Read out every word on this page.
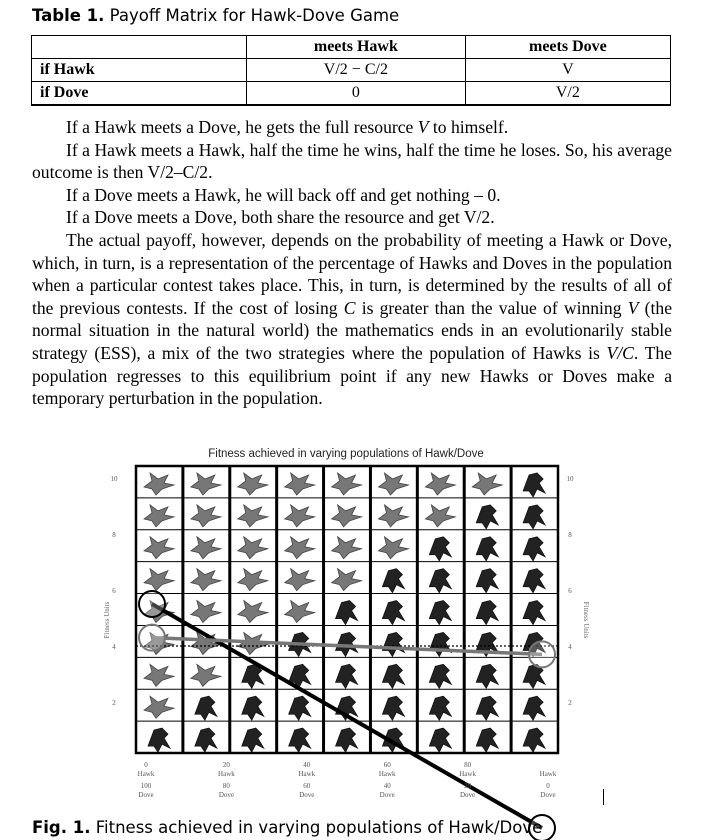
Table 1. Payoff Matrix for Hawk-Dove Game
	meets Hawk	meets Dove
if Hawk	V/2 − C/2	V
if Dove	0	V/2

If a Hawk meets a Dove, he gets the full resource V to himself.

If a Hawk meets a Hawk, half the time he wins, half the time he loses. So, his average outcome is then V/2–C/2.

If a Dove meets a Hawk, he will back off and get nothing – 0.

If a Dove meets a Dove, both share the resource and get V/2.

The actual payoff, however, depends on the probability of meeting a Hawk or Dove, which, in turn, is a representation of the percentage of Hawks and Doves in the population when a particular contest takes place. This, in turn, is determined by the results of all of the previous contests. If the cost of losing C is greater than the value of winning V (the normal situation in the natural world) the mathematics ends in an evolutionarily stable strategy (ESS), a mix of the two strategies where the population of Hawks is V/C. The population regresses to this equilibrium point if any new Hawks or Doves make a temporary perturbation in the population.

Fitness achieved in varying populations of Hawk/Dove
10	10
8	8
6	6
4	4
2	2
Fitness Units	Fitness Units
0
Hawk
100
Dove
20
Hawk
80
Dove
40
Hawk
60
Dove
60
Hawk
40
Dove
80
Hawk
20
Dove
Hawk
0
Dove
Fig. 1. Fitness achieved in varying populations of Hawk/Dove
